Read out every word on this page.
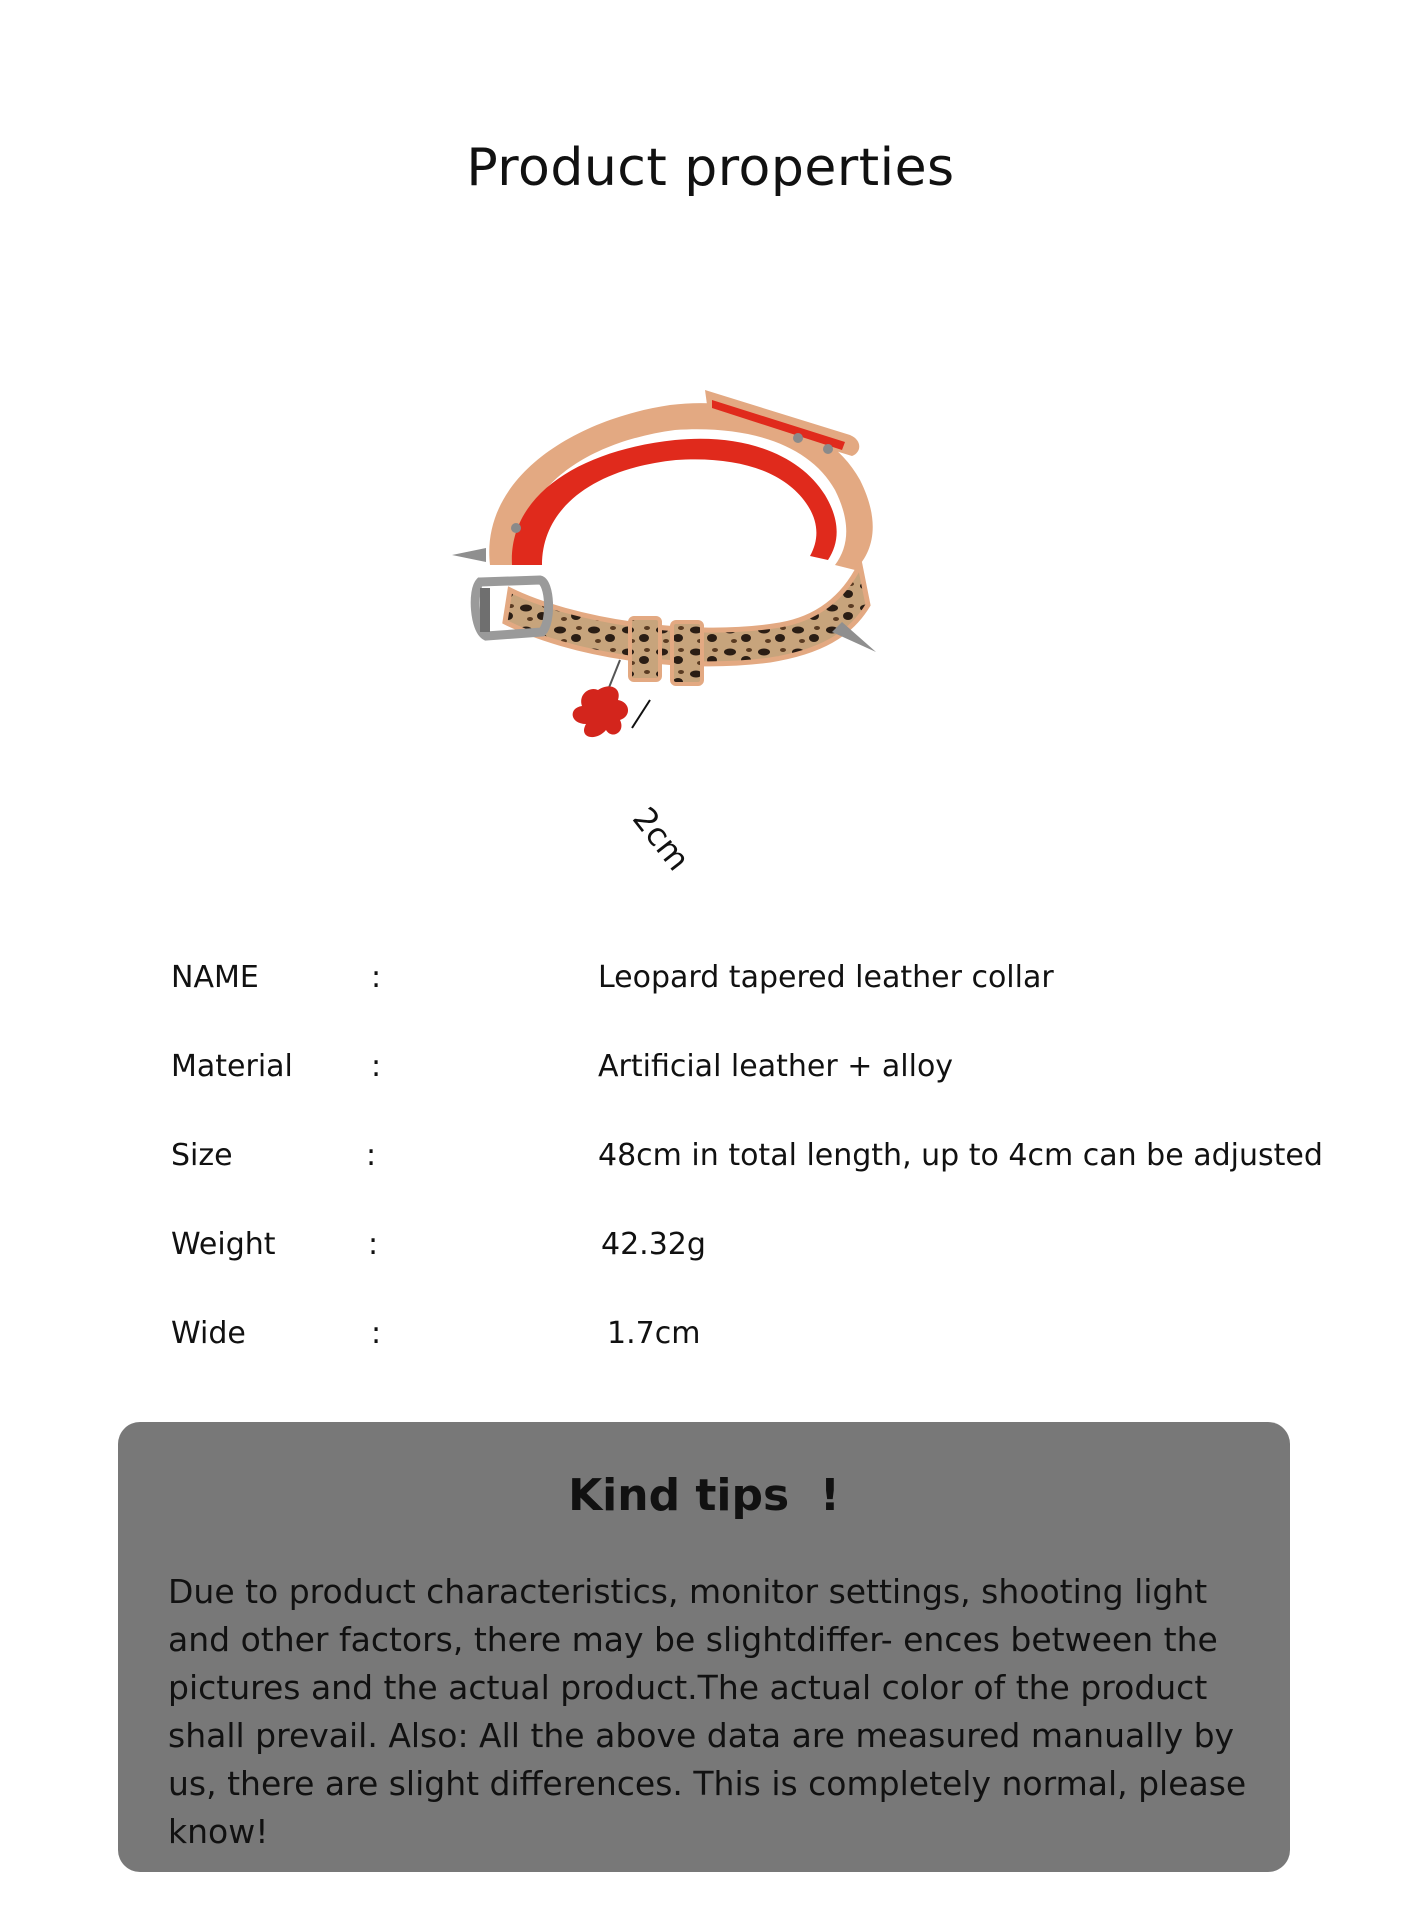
Product properties
2cm
NAME	:	Leopard tapered leather collar
Material	:	Artificial leather + alloy
Size	:	48cm in total length, up to 4cm can be adjusted
Weight	:	42.32g
Wide	:	1.7cm
Kind tips  !

Due to product characteristics, monitor settings, shooting light and other factors, there may be slightdiffer- ences between the pictures and the actual product.The actual color of the product shall prevail. Also: All the above data are measured manually by us, there are slight differences. This is completely normal, please know!
